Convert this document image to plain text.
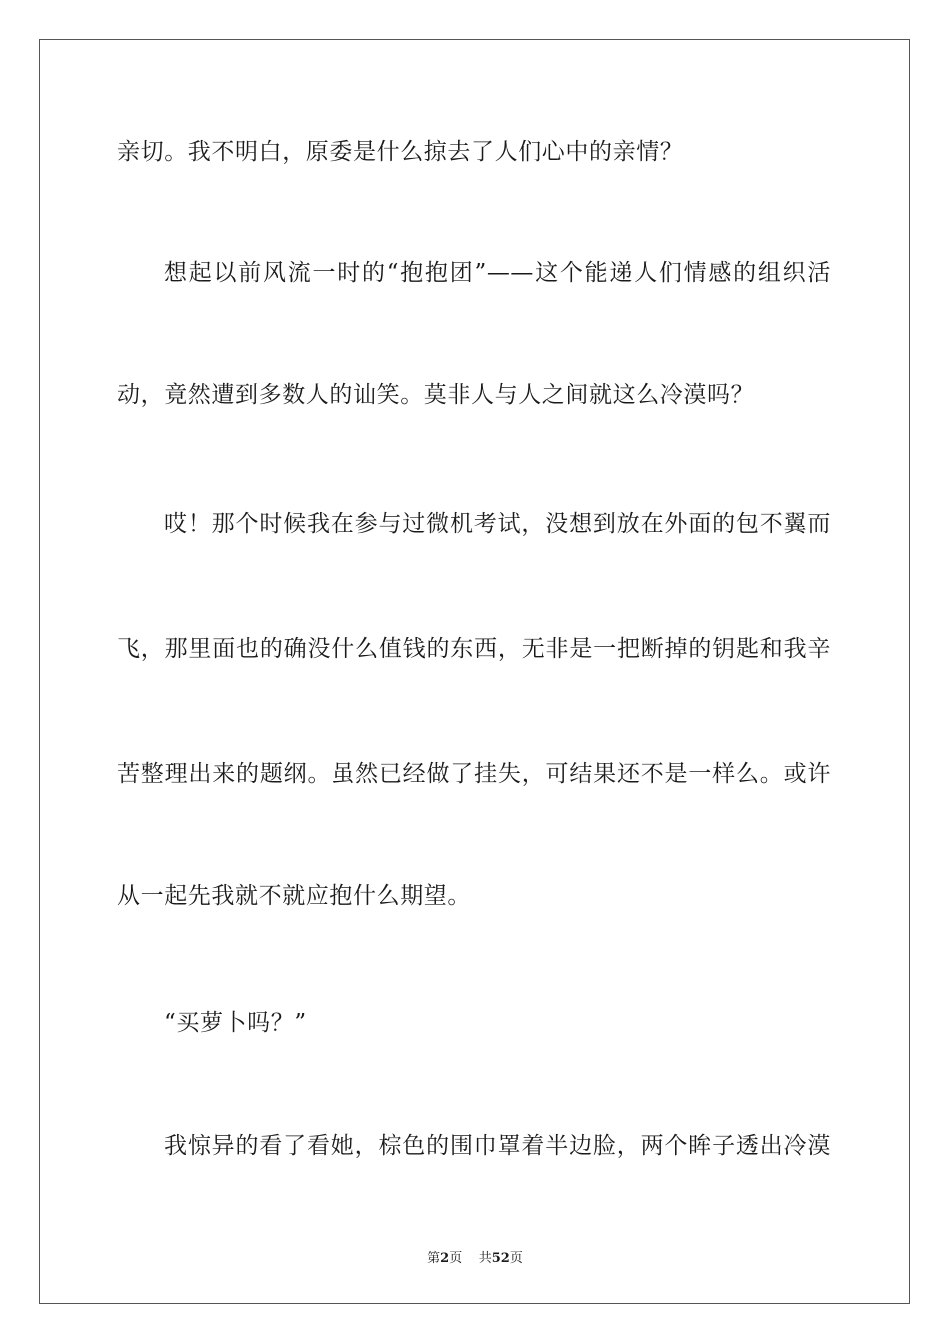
亲切。我不明白，原委是什么掠去了人们心中的亲情？
想起以前风流一时的“抱抱团”——这个能递人们情感的组织活
动，竟然遭到多数人的讪笑。莫非人与人之间就这么冷漠吗？
哎！那个时候我在参与过微机考试，没想到放在外面的包不翼而
飞，那里面也的确没什么值钱的东西，无非是一把断掉的钥匙和我辛
苦整理出来的题纲。虽然已经做了挂失，可结果还不是一样么。或许
从一起先我就不就应抱什么期望。
“买萝卜吗？”
我惊异的看了看她，棕色的围巾罩着半边脸，两个眸子透出冷漠
第2页 共52页
